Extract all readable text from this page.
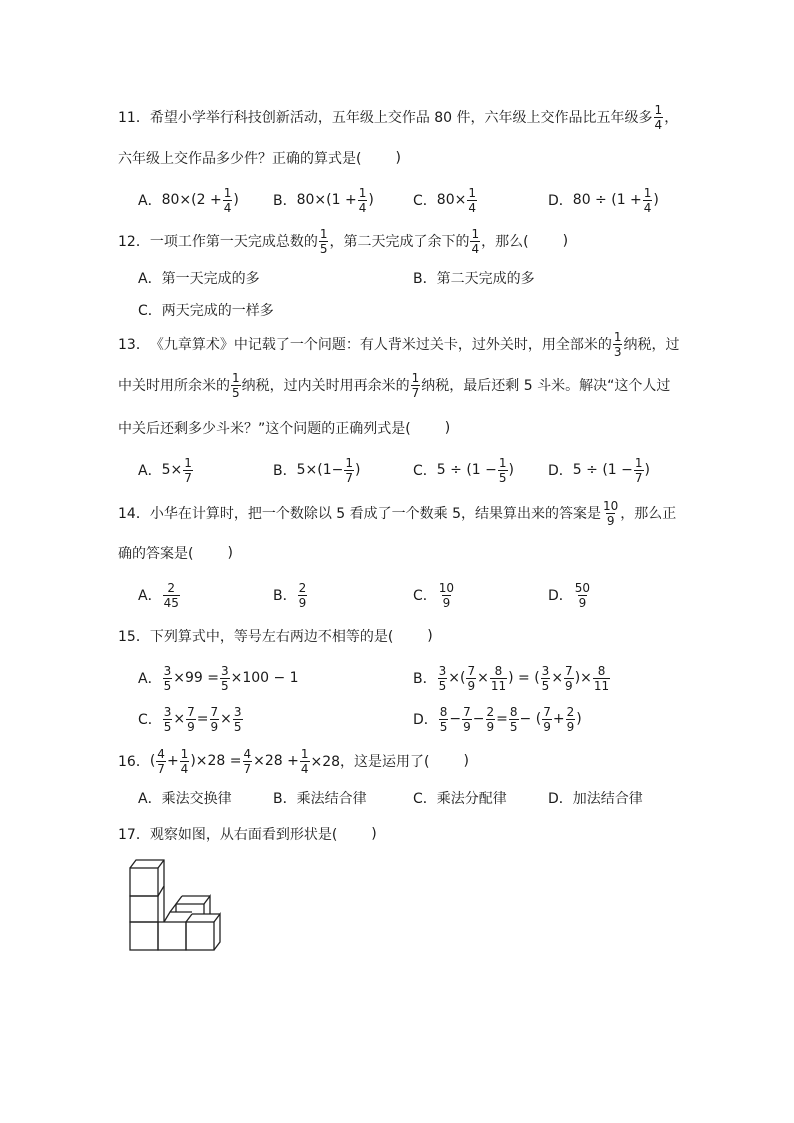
11． 希望小学举行科技创新活动，五年级上交作品 80 件，六年级上交作品比五年级多 $\frac{1}{4}$ ，
六年级上交作品多少件？正确的算式是( )
A． $80\times(2 + \frac{1}{4}$ ) B． $80\times(1 + \frac{1}{4}$ )	C． $80\times \frac{1}{4}$	D． $80 \div (1 + \frac{1}{4}$ )
12． 一项工作第一天完成总数的 $\frac{1}{5}$ ，第二天完成了余下的 $\frac{1}{4}$ ，那么( )
A． 第一天完成的多	B． 第二天完成的多
C． 两天完成的一样多
13． 《九章算术》中记载了一个问题：有人背米过关卡，过外关时，用全部米的 $\frac{1}{3}$ 纳税，过
中关时用所余米的 $\frac{1}{5}$ 纳税，过内关时用再余米的 $\frac{1}{7}$ 纳税，最后还剩 5 斗米。解决“这个人过
中关后还剩多少斗米？”这个问题的正确列式是( )
A． $5\times \frac{1}{7}$	B． $5\times(1- \frac{1}{7}$ )	C． $5 \div (1 - \frac{1}{5}$ ) D． $5 \div (1 - \frac{1}{7}$ )
14． 小华在计算时，把一个数除以 5 看成了一个数乘 5，结果算出来的答案是 $\frac{10}{9}$ ，那么正
确的答案是( )
A． $\frac{2}{45}$	B． $\frac{2}{9}$	C． $\frac{10}{9}$	D． $\frac{50}{9}$
15． 下列算式中，等号左右两边不相等的是( )
A． $\frac{3}{5} \times 99 = \frac{3}{5} \times 100 - 1$	B． $\frac{3}{5}$ ×( $\frac{7}{9} \times \frac{8}{11}$ ) = ( $\frac{3}{5} \times \frac{7}{9}$ )× $\frac{8}{11}$
C． $\frac{3}{5} \times \frac{7}{9} = \frac{7}{9} \times \frac{3}{5}$	D． $\frac{8}{5} - \frac{7}{9} - \frac{2}{9} = \frac{8}{5}$ − ( $\frac{7}{9} + \frac{2}{9}$ )
16． ( $\frac{4}{7} + \frac{1}{4} )\times 28 = \frac{4}{7} \times 28 + \frac{1}{4} \times 28$，这是运用了( )
A． 乘法交换律	B． 乘法结合律	C． 乘法分配律	D． 加法结合律
17． 观察如图，从右面看到形状是( )
